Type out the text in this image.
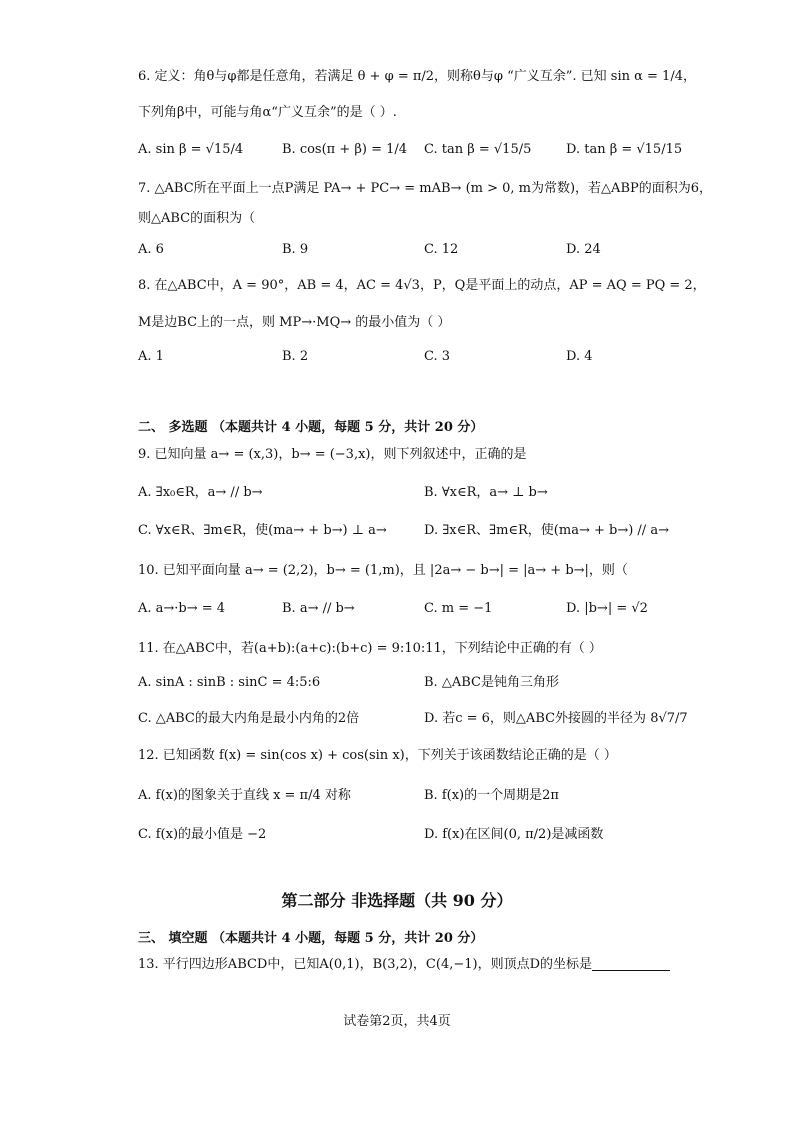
6. 定义：角θ与φ都是任意角，若满足 θ + φ = π/2，则称θ与φ “广义互余”. 已知 sin α = 1/4，
下列角β中，可能与角α“广义互余”的是（ ）.
A. sin β = √15/4	B. cos(π + β) = 1/4 C. tan β = √15/5	D. tan β = √15/15
7. △ABC所在平面上一点P满足 PA→ + PC→ = mAB→ (m > 0, m为常数)，若△ABP的面积为6，
则△ABC的面积为（
A. 6	B. 9	C. 12	D. 24
8. 在△ABC中，A = 90°，AB = 4，AC = 4√3，P，Q是平面上的动点，AP = AQ = PQ = 2，
M是边BC上的一点，则 MP→·MQ→ 的最小值为（ ）
A. 1	B. 2	C. 3	D. 4
二、 多选题 （本题共计 4 小题，每题 5 分，共计 20 分）
9. 已知向量 a→ = (x,3)，b→ = (−3,x)，则下列叙述中，正确的是
A. ∃x₀∈R，a→ // b→	B. ∀x∈R，a→ ⊥ b→
C. ∀x∈R、∃m∈R，使(ma→ + b→) ⊥ a→	D. ∃x∈R、∃m∈R，使(ma→ + b→) // a→
10. 已知平面向量 a→ = (2,2)，b→ = (1,m)，且 |2a→ − b→| = |a→ + b→|，则（
A. a→·b→ = 4	B. a→ // b→	C. m = −1	D. |b→| = √2
11. 在△ABC中，若(a+b):(a+c):(b+c) = 9:10:11，下列结论中正确的有（ ）
A. sinA : sinB : sinC = 4:5:6	B. △ABC是钝角三角形
C. △ABC的最大内角是最小内角的2倍	D. 若c = 6，则△ABC外接圆的半径为 8√7/7
12. 已知函数 f(x) = sin(cos x) + cos(sin x)，下列关于该函数结论正确的是（ ）
A. f(x)的图象关于直线 x = π/4 对称	B. f(x)的一个周期是2π
C. f(x)的最小值是 −2	D. f(x)在区间(0, π/2)是减函数
第二部分 非选择题（共 90 分）
三、 填空题 （本题共计 4 小题，每题 5 分，共计 20 分）
13. 平行四边形ABCD中，已知A(0,1)，B(3,2)，C(4,−1)，则顶点D的坐标是
试卷第2页，共4页
